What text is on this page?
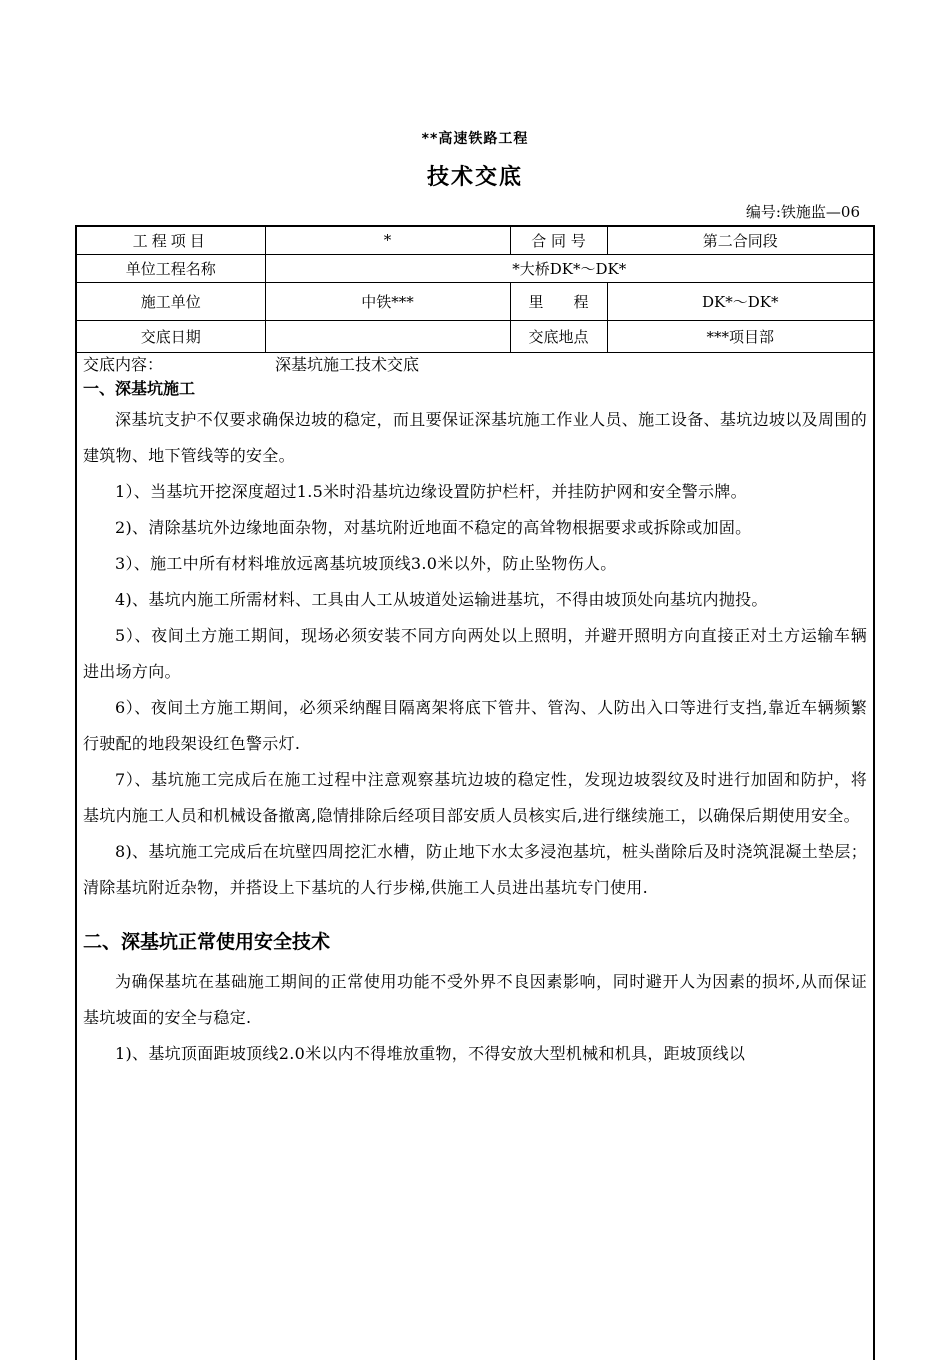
**高速铁路工程
技术交底
编号:铁施监—06
工程项目	*	合 同 号	第二合同段
单位工程名称	*大桥DK*～DK*		
施工单位	中铁***	里　　程	DK*～DK*
交底日期		交底地点	***项目部
交底内容：	深基坑施工技术交底
一、深基坑施工

深基坑支护不仅要求确保边坡的稳定，而且要保证深基坑施工作业人员、施工设备、基坑边坡以及周围的建筑物、地下管线等的安全。

1）、当基坑开挖深度超过1.5米时沿基坑边缘设置防护栏杆，并挂防护网和安全警示牌。

2)、清除基坑外边缘地面杂物，对基坑附近地面不稳定的高耸物根据要求或拆除或加固。

3）、施工中所有材料堆放远离基坑坡顶线3.0米以外，防止坠物伤人。

4)、基坑内施工所需材料、工具由人工从坡道处运输进基坑，不得由坡顶处向基坑内抛投。

5）、夜间土方施工期间，现场必须安装不同方向两处以上照明，并避开照明方向直接正对土方运输车辆进出场方向。

6）、夜间土方施工期间，必须采纳醒目隔离架将底下管井、管沟、人防出入口等进行支挡,靠近车辆频繁行驶配的地段架设红色警示灯.

7）、基坑施工完成后在施工过程中注意观察基坑边坡的稳定性，发现边坡裂纹及时进行加固和防护，将基坑内施工人员和机械设备撤离,隐情排除后经项目部安质人员核实后,进行继续施工，以确保后期使用安全。

8)、基坑施工完成后在坑壁四周挖汇水槽，防止地下水太多浸泡基坑，桩头凿除后及时浇筑混凝土垫层；清除基坑附近杂物，并搭设上下基坑的人行步梯,供施工人员进出基坑专门使用.

二、深基坑正常使用安全技术

为确保基坑在基础施工期间的正常使用功能不受外界不良因素影响，同时避开人为因素的损坏,从而保证基坑坡面的安全与稳定.

1)、基坑顶面距坡顶线2.0米以内不得堆放重物，不得安放大型机械和机具，距坡顶线以
